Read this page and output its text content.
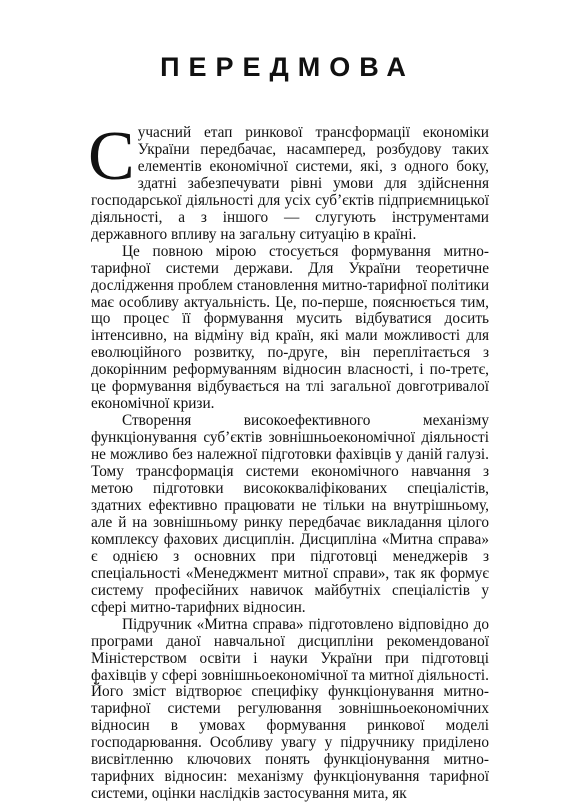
ПЕРЕДМОВА

Сучасний етап ринкової трансформації економіки України передбачає, насамперед, розбудову таких елементів економічної системи, які, з одного боку, здатні забезпечувати рівні умови для здійснення господарської діяльності для усіх суб’єктів підприємницької діяльності, а з іншого — слугують інструментами державного впливу на загальну ситуацію в країні.

Це повною мірою стосується формування митно-тарифної системи держави. Для України теоретичне дослідження проблем становлення митно-тарифної політики має особливу актуальність. Це, по-перше, пояснюється тим, що процес її формування мусить відбуватися досить інтенсивно, на відміну від країн, які мали можливості для еволюційного розвитку, по-друге, він переплітається з докорінним реформуванням відносин власності, і по-третє, це формування відбувається на тлі загальної довготривалої економічної кризи.

Створення високоефективного механізму функціонування суб’єктів зовнішньоекономічної діяльності не можливо без належної підготовки фахівців у даній галузі. Тому трансформація системи економічного навчання з метою підготовки висококваліфікованих спеціалістів, здатних ефективно працювати не тільки на внутрішньому, але й на зовнішньому ринку передбачає викладання цілого комплексу фахових дисциплін. Дисципліна «Митна справа» є однією з основних при підготовці менеджерів з спеціальності «Менеджмент митної справи», так як формує систему професійних навичок майбутніх спеціалістів у сфері митно-тарифних відносин.

Підручник «Митна справа» підготовлено відповідно до програми даної навчальної дисципліни рекомендованої Міністерством освіти і науки України при підготовці фахівців у сфері зовнішньоекономічної та митної діяльності. Його зміст відтворює специфіку функціонування митно-тарифної системи регулювання зовнішньоекономічних відносин в умовах формування ринкової моделі господарювання. Особливу увагу у підручнику приділено висвітленню ключових понять функціонування митно-тарифних відносин: механізму функціонування тарифної системи, оцінки наслідків застосування мита, як
